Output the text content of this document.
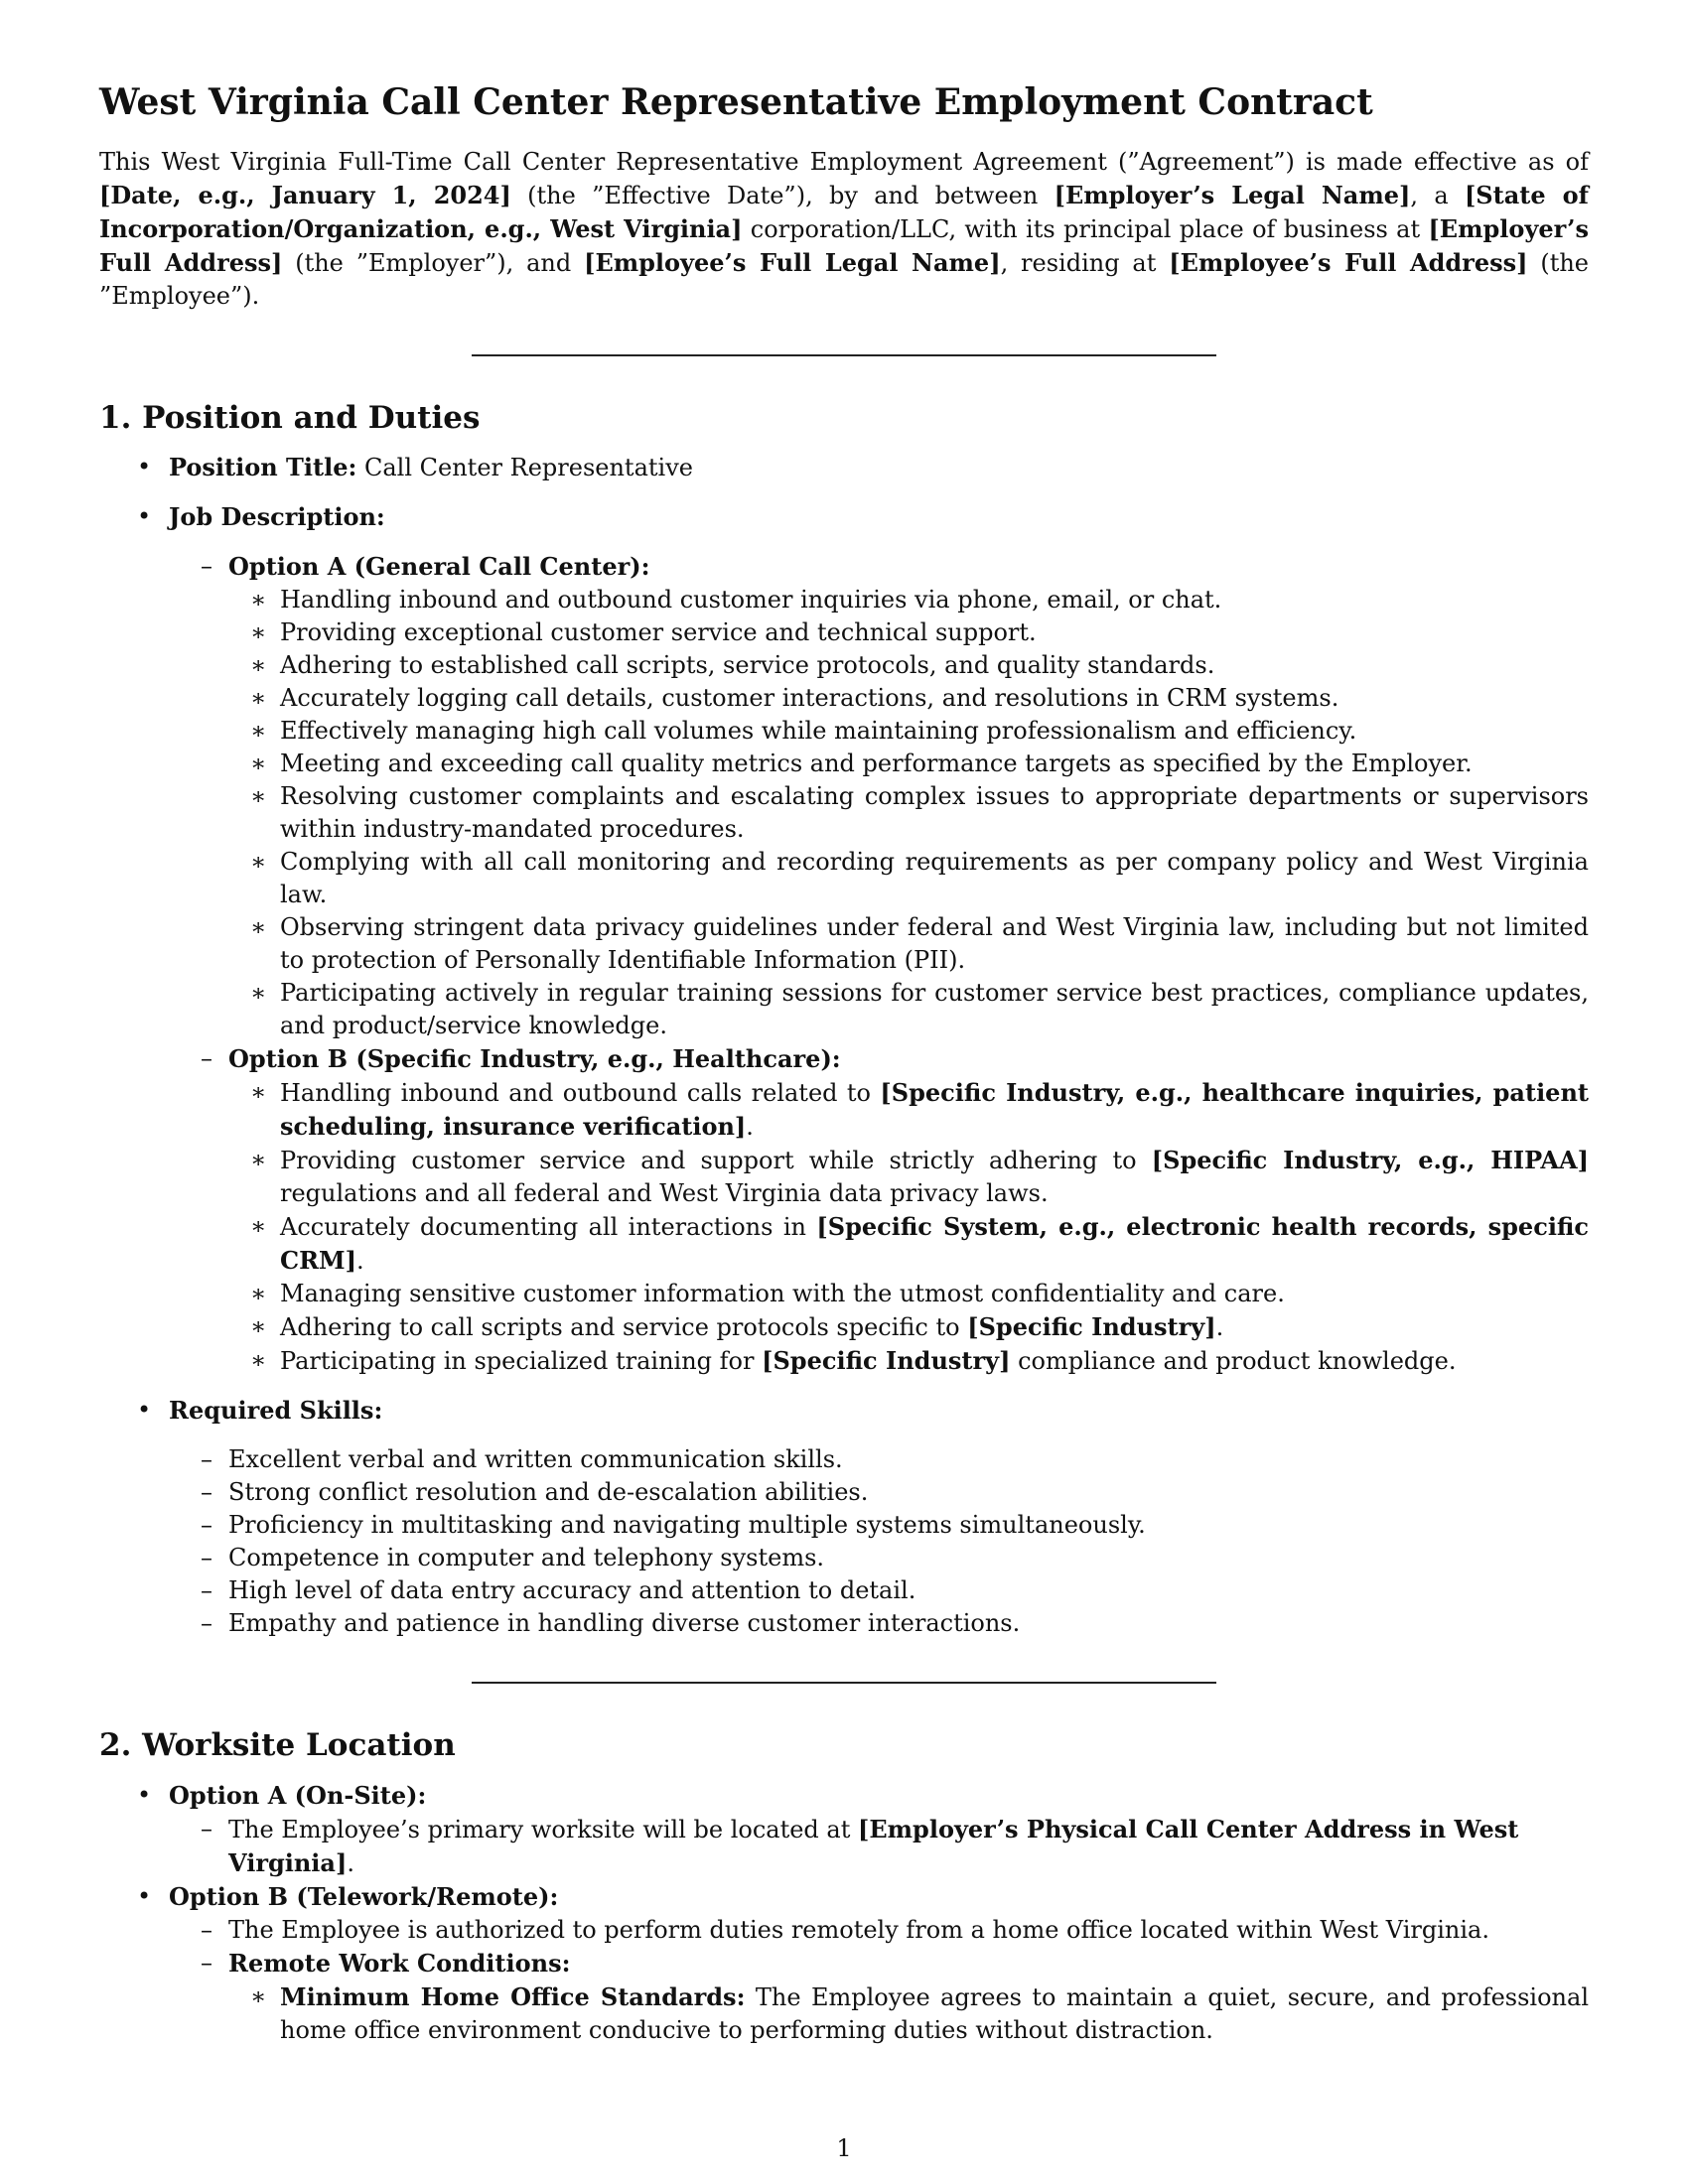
West Virginia Call Center Representative Employment Contract

This West Virginia Full-Time Call Center Representative Employment Agreement (”Agreement”) is made effective as of [Date, e.g., January 1, 2024] (the ”Effective Date”), by and between [Employer’s Legal Name], a [State of Incorporation/Organization, e.g., West Virginia] corporation/LLC, with its principal place of business at [Employer’s Full Address] (the ”Employer”), and [Employee’s Full Legal Name], residing at [Employee’s Full Address] (the ”Employee”).

1. Position and Duties
• Position Title: Call Center Representative
• Job Description:
– Option A (General Call Center):
∗ Handling inbound and outbound customer inquiries via phone, email, or chat.
∗ Providing exceptional customer service and technical support.
∗ Adhering to established call scripts, service protocols, and quality standards.
∗ Accurately logging call details, customer interactions, and resolutions in CRM systems.
∗ Effectively managing high call volumes while maintaining professionalism and efficiency.
∗ Meeting and exceeding call quality metrics and performance targets as specified by the Employer.
∗ Resolving customer complaints and escalating complex issues to appropriate departments or supervisors within industry-mandated procedures.
∗ Complying with all call monitoring and recording requirements as per company policy and West Virginia law.
∗ Observing stringent data privacy guidelines under federal and West Virginia law, including but not limited to protection of Personally Identifiable Information (PII).
∗ Participating actively in regular training sessions for customer service best practices, compliance updates, and product/service knowledge.
– Option B (Specific Industry, e.g., Healthcare):
∗ Handling inbound and outbound calls related to [Specific Industry, e.g., healthcare inquiries, patient scheduling, insurance verification].
∗ Providing customer service and support while strictly adhering to [Specific Industry, e.g., HIPAA] regulations and all federal and West Virginia data privacy laws.
∗ Accurately documenting all interactions in [Specific System, e.g., electronic health records, specific CRM].
∗ Managing sensitive customer information with the utmost confidentiality and care.
∗ Adhering to call scripts and service protocols specific to [Specific Industry].
∗ Participating in specialized training for [Specific Industry] compliance and product knowledge.
• Required Skills:
– Excellent verbal and written communication skills.
– Strong conflict resolution and de-escalation abilities.
– Proficiency in multitasking and navigating multiple systems simultaneously.
– Competence in computer and telephony systems.
– High level of data entry accuracy and attention to detail.
– Empathy and patience in handling diverse customer interactions.
2. Worksite Location
• Option A (On-Site):
– The Employee’s primary worksite will be located at [Employer’s Physical Call Center Address in West Virginia].
• Option B (Telework/Remote):
– The Employee is authorized to perform duties remotely from a home office located within West Virginia.
– Remote Work Conditions:
∗ Minimum Home Office Standards: The Employee agrees to maintain a quiet, secure, and professional home office environment conducive to performing duties without distraction.
1
